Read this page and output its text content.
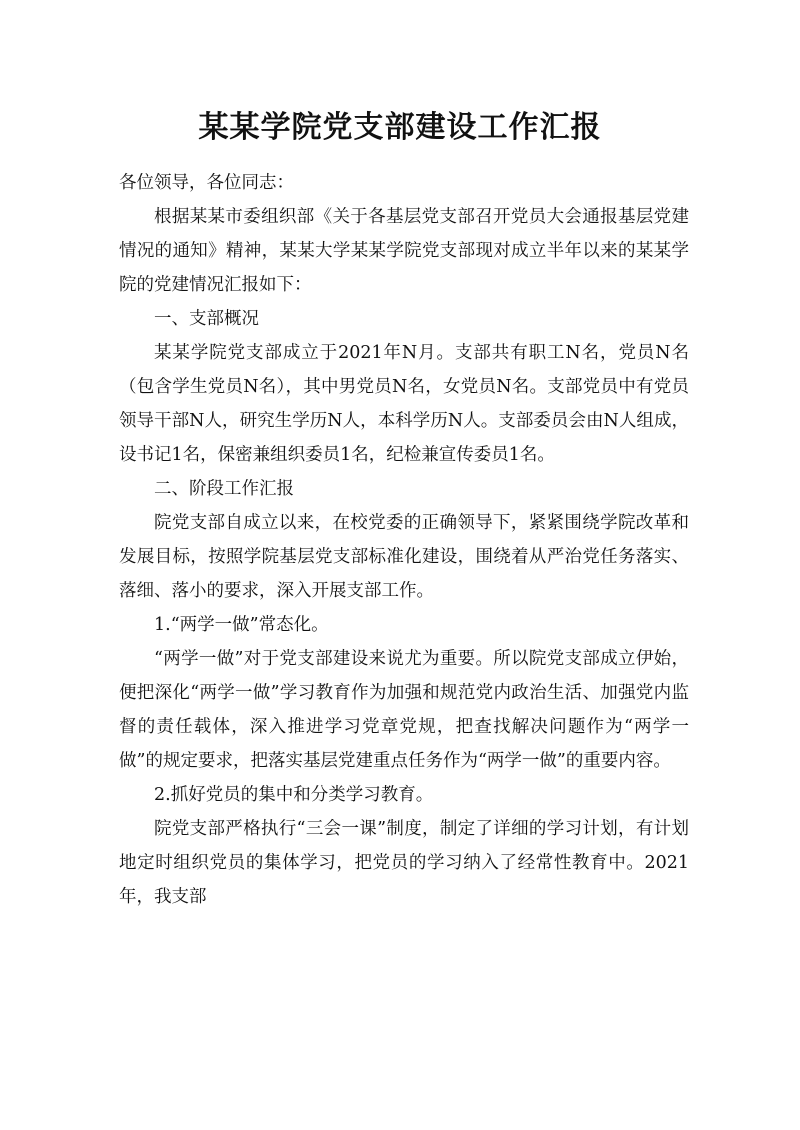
某某学院党支部建设工作汇报

各位领导，各位同志：

根据某某市委组织部《关于各基层党支部召开党员大会通报基层党建情况的通知》精神，某某大学某某学院党支部现对成立半年以来的某某学院的党建情况汇报如下：

一、支部概况

某某学院党支部成立于2021年N月。支部共有职工N名，党员N名（包含学生党员N名），其中男党员N名，女党员N名。支部党员中有党员领导干部N人，研究生学历N人，本科学历N人。支部委员会由N人组成，设书记1名，保密兼组织委员1名，纪检兼宣传委员1名。

二、阶段工作汇报

院党支部自成立以来，在校党委的正确领导下，紧紧围绕学院改革和发展目标，按照学院基层党支部标准化建设，围绕着从严治党任务落实、落细、落小的要求，深入开展支部工作。

1.“两学一做”常态化。

“两学一做”对于党支部建设来说尤为重要。所以院党支部成立伊始，便把深化“两学一做”学习教育作为加强和规范党内政治生活、加强党内监督的责任载体，深入推进学习党章党规，把查找解决问题作为“两学一做”的规定要求，把落实基层党建重点任务作为“两学一做”的重要内容。

2.抓好党员的集中和分类学习教育。

院党支部严格执行“三会一课”制度，制定了详细的学习计划，有计划地定时组织党员的集体学习，把党员的学习纳入了经常性教育中。2021年，我支部
